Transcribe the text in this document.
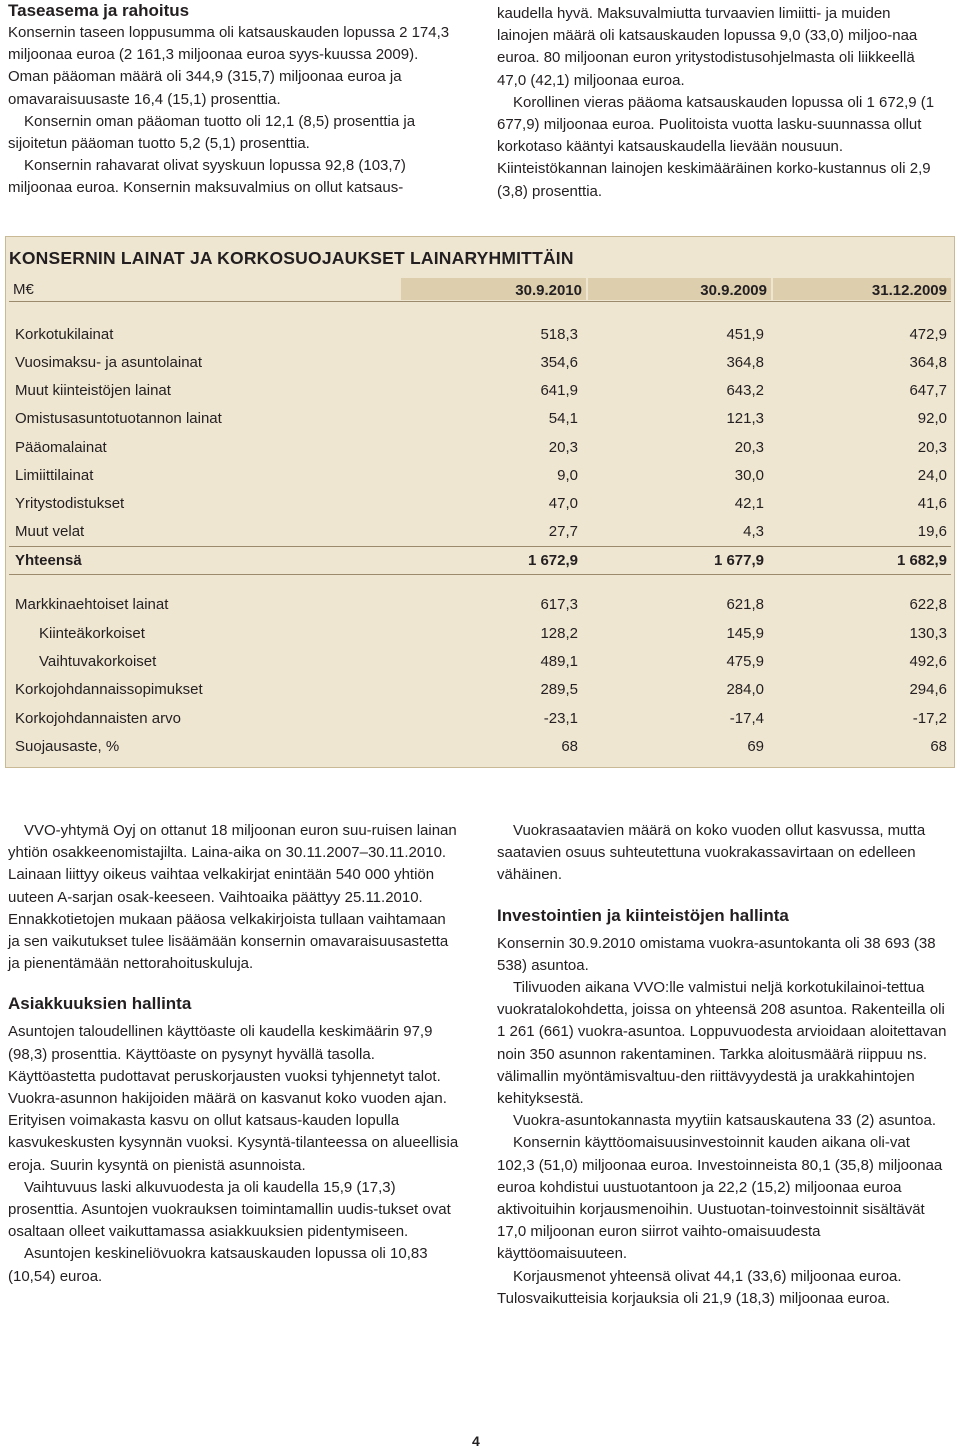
Taseasema ja rahoitus

Konsernin taseen loppusumma oli katsauskauden lopussa 2 174,3 miljoonaa euroa (2 161,3 miljoonaa euroa syys-kuussa 2009). Oman pääoman määrä oli 344,9 (315,7) miljoonaa euroa ja omavaraisuusaste 16,4 (15,1) prosenttia.

Konsernin oman pääoman tuotto oli 12,1 (8,5) prosenttia ja sijoitetun pääoman tuotto 5,2 (5,1) prosenttia.

Konsernin rahavarat olivat syyskuun lopussa 92,8 (103,7) miljoonaa euroa. Konsernin maksuvalmius on ollut katsaus-

kaudella hyvä. Maksuvalmiutta turvaavien limiitti- ja muiden lainojen määrä oli katsauskauden lopussa 9,0 (33,0) miljoo-naa euroa. 80 miljoonan euron yritystodistusohjelmasta oli liikkeellä 47,0 (42,1) miljoonaa euroa.

Korollinen vieras pääoma katsauskauden lopussa oli 1 672,9 (1 677,9) miljoonaa euroa. Puolitoista vuotta lasku-suunnassa ollut korkotaso kääntyi katsauskaudella lievään nousuun. Kiinteistökannan lainojen keskimääräinen korko-kustannus oli 2,9 (3,8) prosenttia.

KONSERNIN LAINAT JA KORKOSUOJAUKSET LAINARYHMITTÄIN
M€	30.9.2010	30.9.2009	31.12.2009
Korkotukilainat	518,3	451,9	472,9
Vuosimaksu- ja asuntolainat	354,6	364,8	364,8
Muut kiinteistöjen lainat	641,9	643,2	647,7
Omistusasuntotuotannon lainat	54,1	121,3	92,0
Pääomalainat	20,3	20,3	20,3
Limiittilainat	9,0	30,0	24,0
Yritystodistukset	47,0	42,1	41,6
Muut velat	27,7	4,3	19,6
Yhteensä	1 672,9	1 677,9	1 682,9
Markkinaehtoiset lainat	617,3	621,8	622,8
Kiinteäkorkoiset	128,2	145,9	130,3
Vaihtuvakorkoiset	489,1	475,9	492,6
Korkojohdannaissopimukset	289,5	284,0	294,6
Korkojohdannaisten arvo	-23,1	-17,4	-17,2
Suojausaste, %	68	69	68

VVO-yhtymä Oyj on ottanut 18 miljoonan euron suu-ruisen lainan yhtiön osakkeenomistajilta. Laina-aika on 30.11.2007–30.11.2010. Lainaan liittyy oikeus vaihtaa velkakirjat enintään 540 000 yhtiön uuteen A-sarjan osak-keeseen. Vaihtoaika päättyy 25.11.2010. Ennakkotietojen mukaan pääosa velkakirjoista tullaan vaihtamaan ja sen vaikutukset tulee lisäämään konsernin omavaraisuusastetta ja pienentämään nettorahoituskuluja.

Asiakkuuksien hallinta

Asuntojen taloudellinen käyttöaste oli kaudella keskimäärin 97,9 (98,3) prosenttia. Käyttöaste on pysynyt hyvällä tasolla. Käyttöastetta pudottavat peruskorjausten vuoksi tyhjennetyt talot. Vuokra-asunnon hakijoiden määrä on kasvanut koko vuoden ajan. Erityisen voimakasta kasvu on ollut katsaus-kauden lopulla kasvukeskusten kysynnän vuoksi. Kysyntä-tilanteessa on alueellisia eroja. Suurin kysyntä on pienistä asunnoista.

Vaihtuvuus laski alkuvuodesta ja oli kaudella 15,9 (17,3) prosenttia. Asuntojen vuokrauksen toimintamallin uudis-tukset ovat osaltaan olleet vaikuttamassa asiakkuuksien pidentymiseen.

Asuntojen keskineliövuokra katsauskauden lopussa oli 10,83 (10,54) euroa.

Vuokrasaatavien määrä on koko vuoden ollut kasvussa, mutta saatavien osuus suhteutettuna vuokrakassavirtaan on edelleen vähäinen.

Investointien ja kiinteistöjen hallinta

Konsernin 30.9.2010 omistama vuokra-asuntokanta oli 38 693 (38 538) asuntoa.

Tilivuoden aikana VVO:lle valmistui neljä korkotukilainoi-tettua vuokratalokohdetta, joissa on yhteensä 208 asuntoa. Rakenteilla oli 1 261 (661) vuokra-asuntoa. Loppuvuodesta arvioidaan aloitettavan noin 350 asunnon rakentaminen. Tarkka aloitusmäärä riippuu ns. välimallin myöntämisvaltuu-den riittävyydestä ja urakkahintojen kehityksestä.

Vuokra-asuntokannasta myytiin katsauskautena 33 (2) asuntoa.

Konsernin käyttöomaisuusinvestoinnit kauden aikana oli-vat 102,3 (51,0) miljoonaa euroa. Investoinneista 80,1 (35,8) miljoonaa euroa kohdistui uustuotantoon ja 22,2 (15,2) miljoonaa euroa aktivoituihin korjausmenoihin. Uustuotan-toinvestoinnit sisältävät 17,0 miljoonan euron siirrot vaihto-omaisuudesta käyttöomaisuuteen.

Korjausmenot yhteensä olivat 44,1 (33,6) miljoonaa euroa. Tulosvaikutteisia korjauksia oli 21,9 (18,3) miljoonaa euroa.

4
